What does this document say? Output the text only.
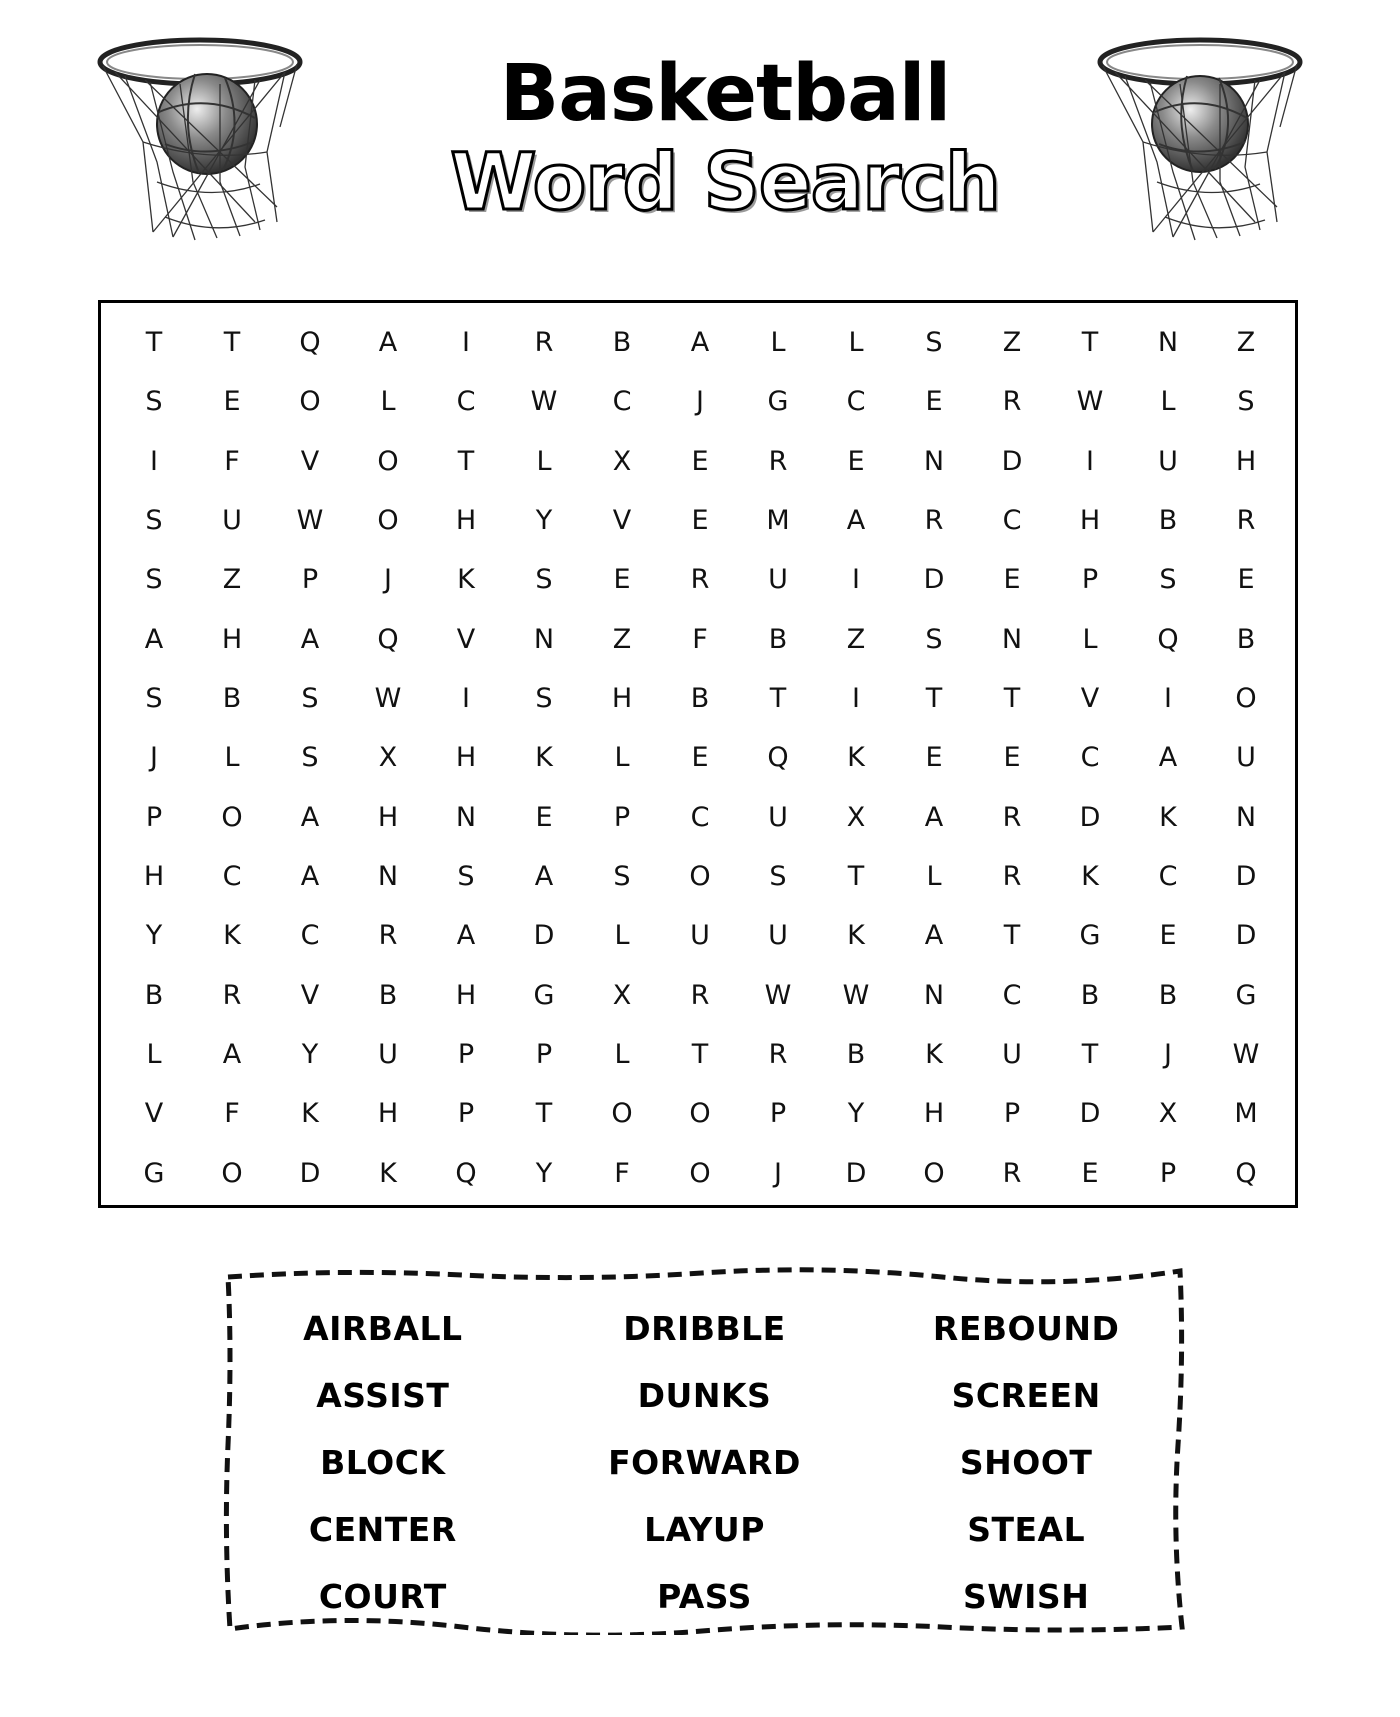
Basketball
Word Search
T	T	Q	A	I	R	B	A	L	L	S	Z	T	N	Z
S	E	O	L	C	W	C	J	G	C	E	R	W	L	S
I	F	V	O	T	L	X	E	R	E	N	D	I	U	H
S	U	W	O	H	Y	V	E	M	A	R	C	H	B	R
S	Z	P	J	K	S	E	R	U	I	D	E	P	S	E
A	H	A	Q	V	N	Z	F	B	Z	S	N	L	Q	B
S	B	S	W	I	S	H	B	T	I	T	T	V	I	O
J	L	S	X	H	K	L	E	Q	K	E	E	C	A	U
P	O	A	H	N	E	P	C	U	X	A	R	D	K	N
H	C	A	N	S	A	S	O	S	T	L	R	K	C	D
Y	K	C	R	A	D	L	U	U	K	A	T	G	E	D
B	R	V	B	H	G	X	R	W	W	N	C	B	B	G
L	A	Y	U	P	P	L	T	R	B	K	U	T	J	W
V	F	K	H	P	T	O	O	P	Y	H	P	D	X	M
G	O	D	K	Q	Y	F	O	J	D	O	R	E	P	Q
AIRBALL
ASSIST
BLOCK
CENTER
COURT
DRIBBLE
DUNKS
FORWARD
LAYUP
PASS
REBOUND
SCREEN
SHOOT
STEAL
SWISH
